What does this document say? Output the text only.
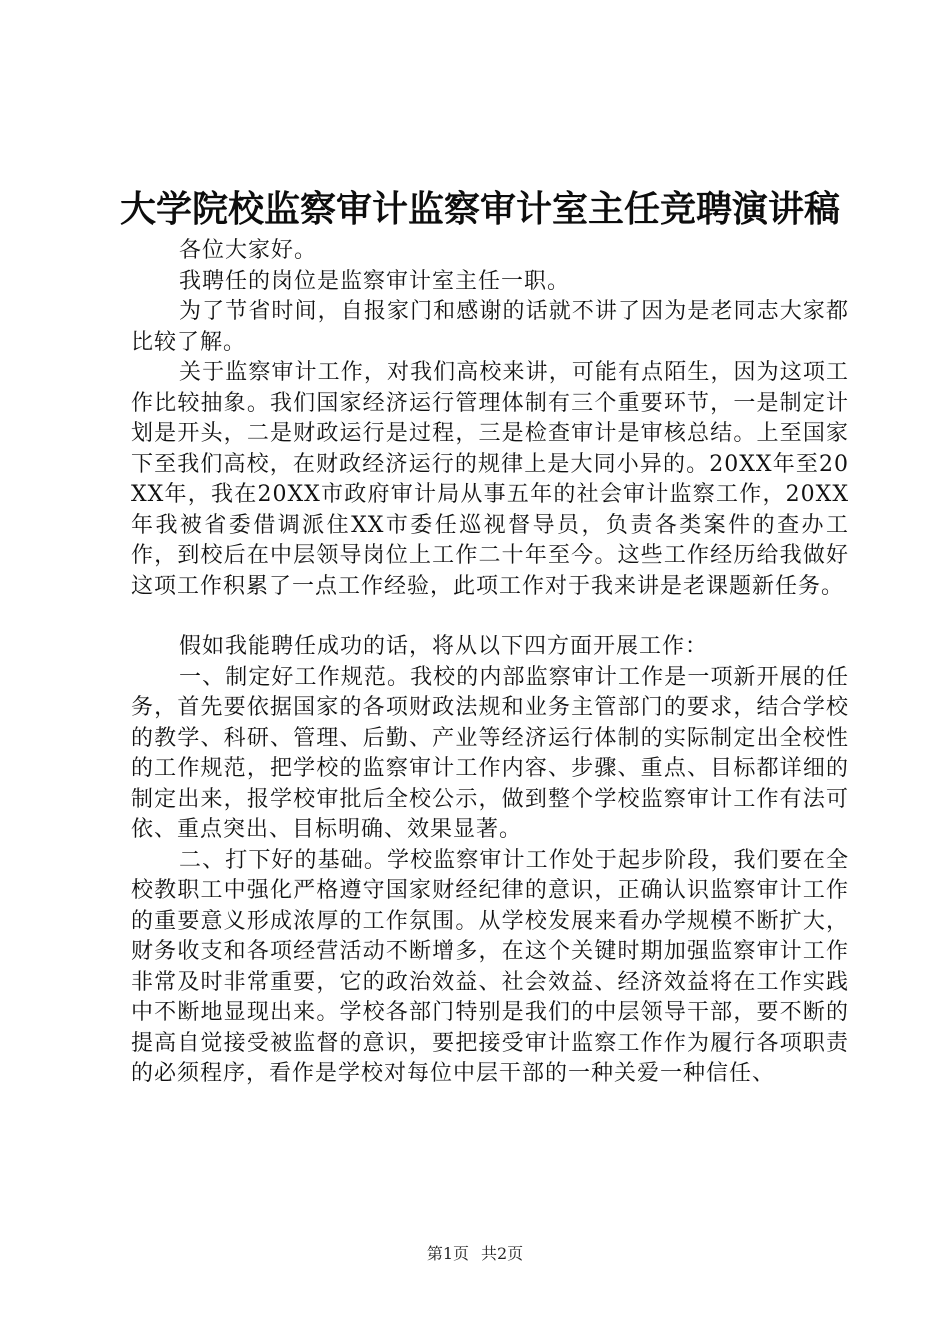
大学院校监察审计监察审计室主任竞聘演讲稿

各位大家好。

我聘任的岗位是监察审计室主任一职。

为了节省时间，自报家门和感谢的话就不讲了因为是老同志大家都比较了解。

关于监察审计工作，对我们高校来讲，可能有点陌生，因为这项工作比较抽象。我们国家经济运行管理体制有三个重要环节，一是制定计划是开头，二是财政运行是过程，三是检查审计是审核总结。上至国家下至我们高校，在财政经济运行的规律上是大同小异的。20XX年至20XX年，我在20XX市政府审计局从事五年的社会审计监察工作，20XX年我被省委借调派住XX市委任巡视督导员，负责各类案件的查办工作，到校后在中层领导岗位上工作二十年至今。这些工作经历给我做好这项工作积累了一点工作经验，此项工作对于我来讲是老课题新任务。

假如我能聘任成功的话，将从以下四方面开展工作：

一、制定好工作规范。我校的内部监察审计工作是一项新开展的任务，首先要依据国家的各项财政法规和业务主管部门的要求，结合学校的教学、科研、管理、后勤、产业等经济运行体制的实际制定出全校性的工作规范，把学校的监察审计工作内容、步骤、重点、目标都详细的制定出来，报学校审批后全校公示，做到整个学校监察审计工作有法可依、重点突出、目标明确、效果显著。

二、打下好的基础。学校监察审计工作处于起步阶段，我们要在全校教职工中强化严格遵守国家财经纪律的意识，正确认识监察审计工作的重要意义形成浓厚的工作氛围。从学校发展来看办学规模不断扩大，财务收支和各项经营活动不断增多，在这个关键时期加强监察审计工作非常及时非常重要，它的政治效益、社会效益、经济效益将在工作实践中不断地显现出来。学校各部门特别是我们的中层领导干部，要不断的提高自觉接受被监督的意识，要把接受审计监察工作作为履行各项职责的必须程序，看作是学校对每位中层干部的一种关爱一种信任、

第1页 共2页
